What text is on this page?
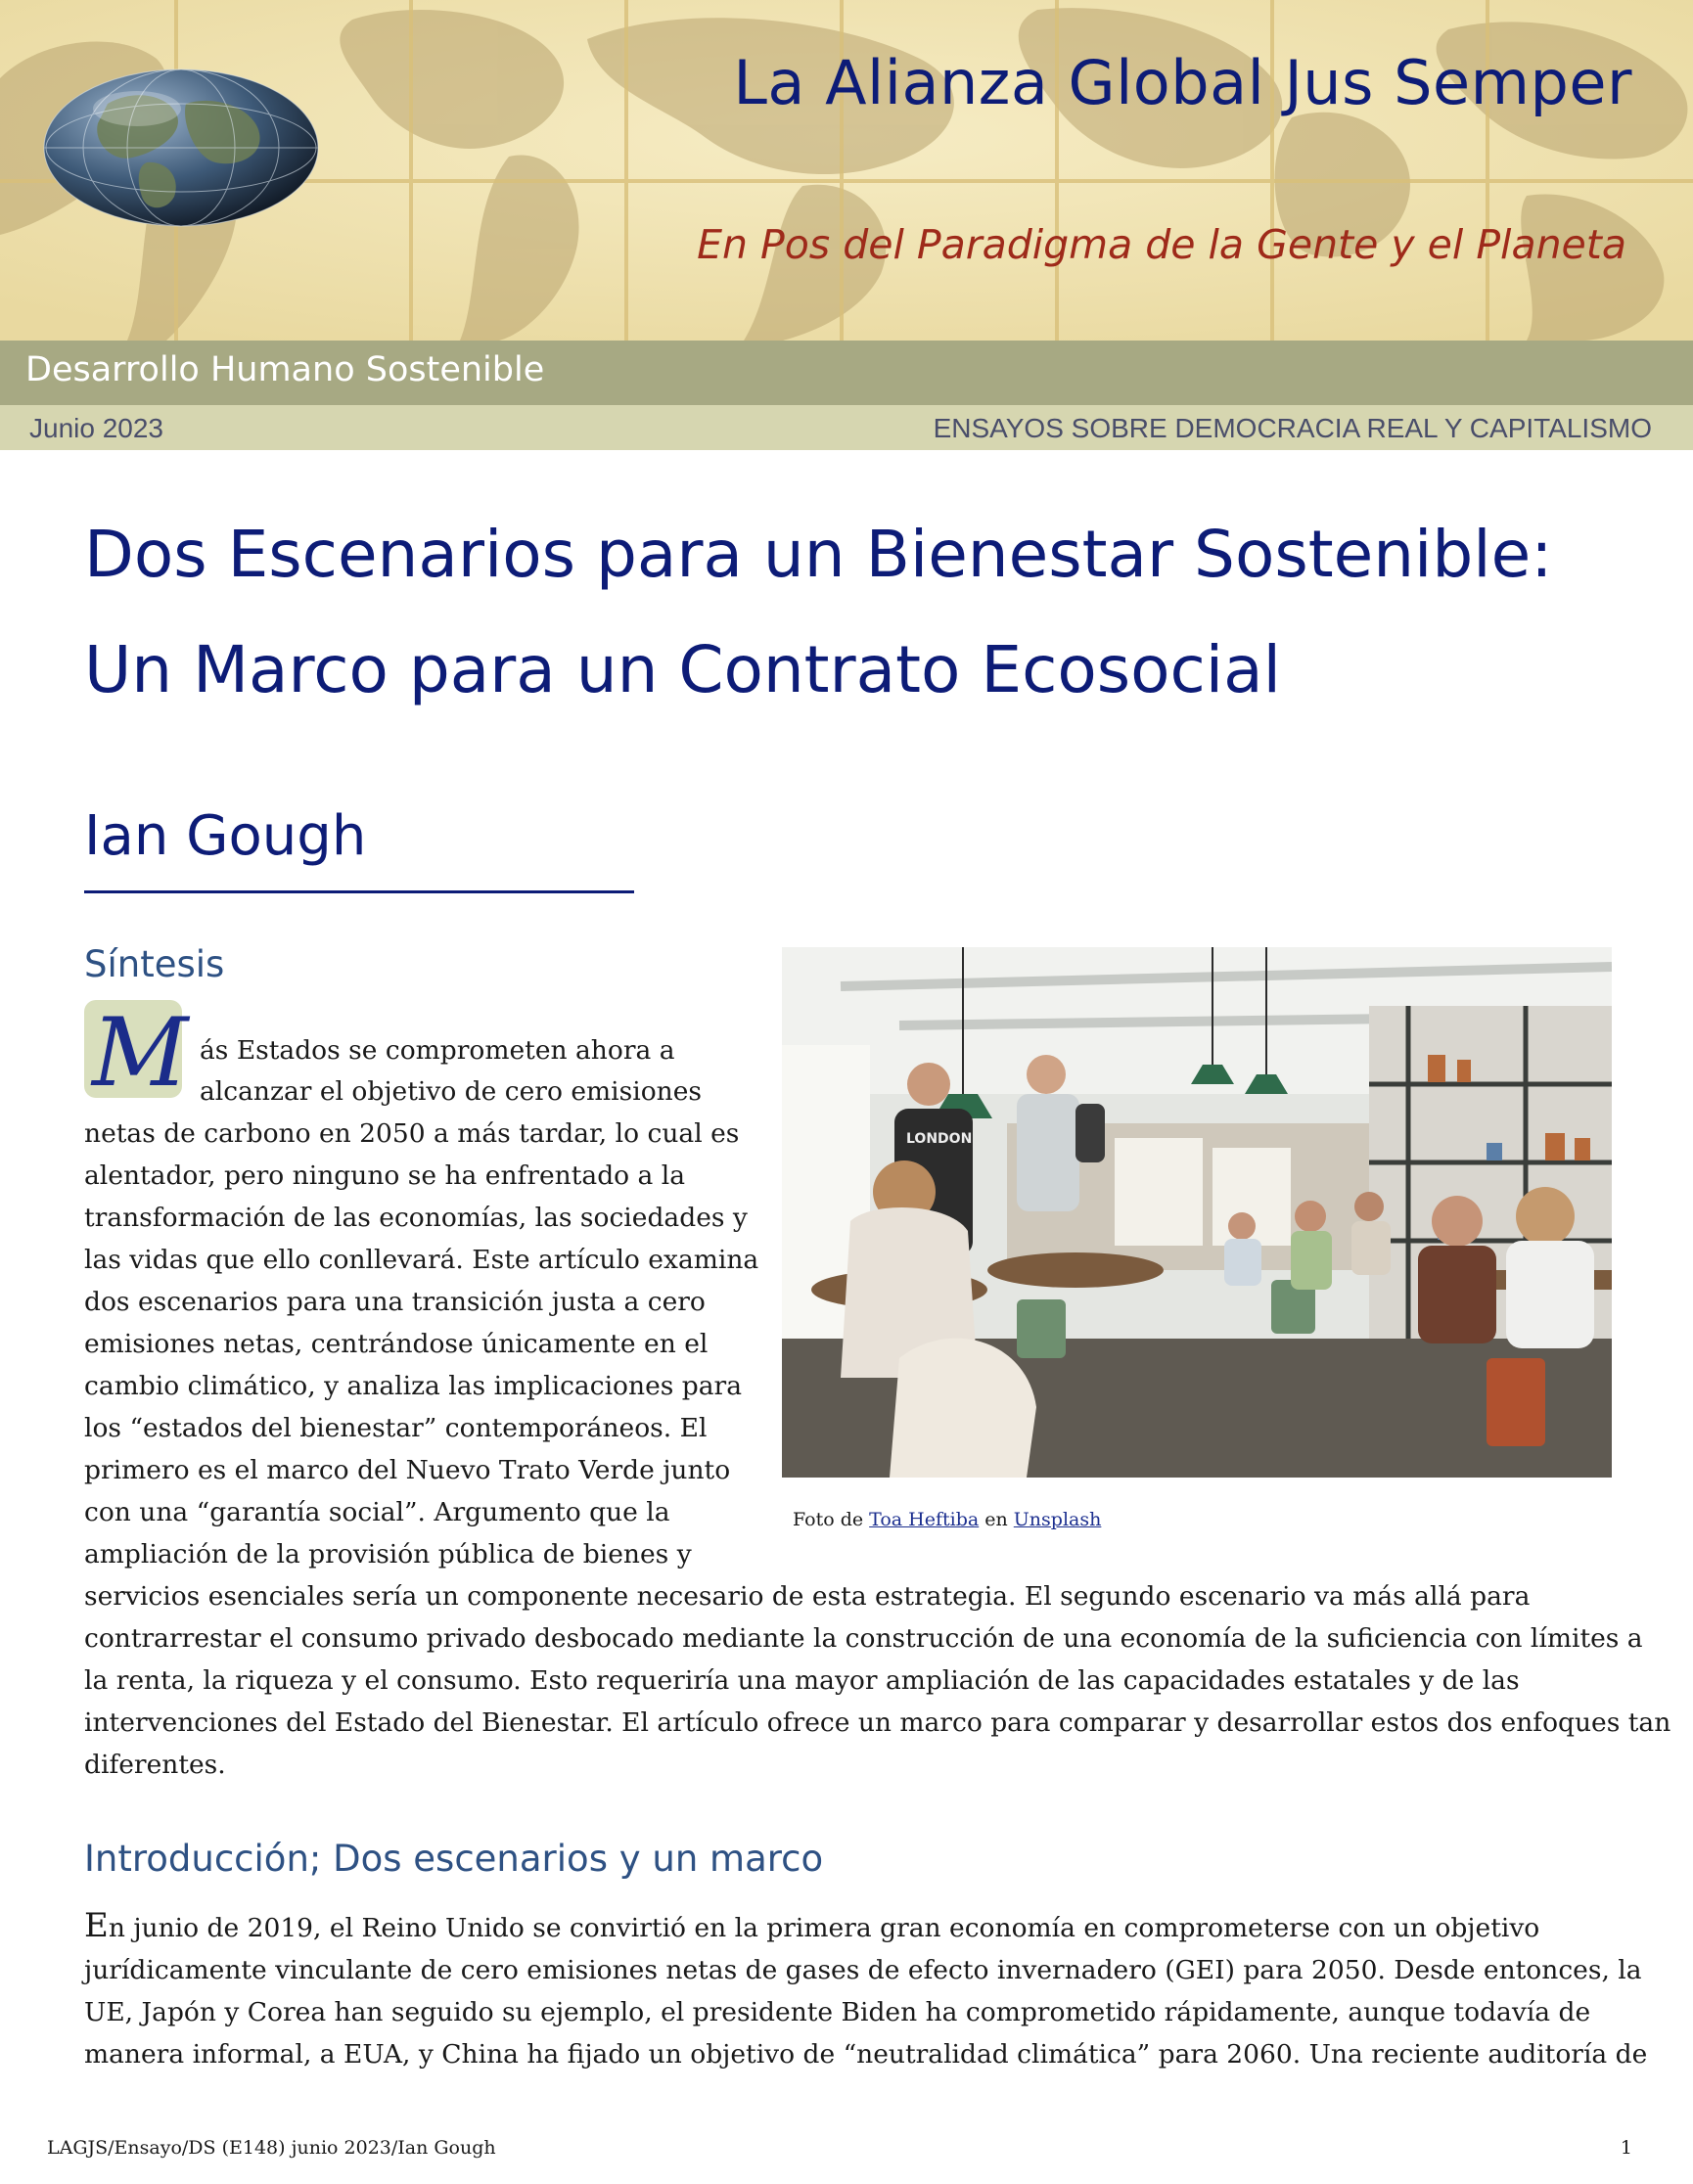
La Alianza Global Jus Semper
En Pos del Paradigma de la Gente y el Planeta
Desarrollo Humano Sostenible
Junio 2023	ENSAYOS SOBRE DEMOCRACIA REAL Y CAPITALISMO
Dos Escenarios para un Bienestar Sostenible:
Un Marco para un Contrato Ecosocial
Ian Gough
Síntesis
M ás Estados se comprometen ahora a
alcanzar el objetivo de cero emisiones
netas de carbono en 2050 a más tardar, lo cual es
alentador, pero ninguno se ha enfrentado a la
transformación de las economías, las sociedades y
las vidas que ello conllevará. Este artículo examina
dos escenarios para una transición justa a cero
emisiones netas, centrándose únicamente en el
cambio climático, y analiza las implicaciones para
los “estados del bienestar” contemporáneos. El
primero es el marco del Nuevo Trato Verde junto
con una “garantía social”. Argumento que la
ampliación de la provisión pública de bienes y
servicios esenciales sería un componente necesario de esta estrategia. El segundo escenario va más allá para
contrarrestar el consumo privado desbocado mediante la construcción de una economía de la suficiencia con límites a
la renta, la riqueza y el consumo. Esto requeriría una mayor ampliación de las capacidades estatales y de las
intervenciones del Estado del Bienestar. El artículo ofrece un marco para comparar y desarrollar estos dos enfoques tan
diferentes.
LONDON
Foto de Toa Heftiba en Unsplash
Introducción; Dos escenarios y un marco
En junio de 2019, el Reino Unido se convirtió en la primera gran economía en comprometerse con un objetivo
jurídicamente vinculante de cero emisiones netas de gases de efecto invernadero (GEI) para 2050. Desde entonces, la
UE, Japón y Corea han seguido su ejemplo, el presidente Biden ha comprometido rápidamente, aunque todavía de
manera informal, a EUA, y China ha fijado un objetivo de “neutralidad climática” para 2060. Una reciente auditoría de
LAGJS/Ensayo/DS (E148) junio 2023/Ian Gough	1
